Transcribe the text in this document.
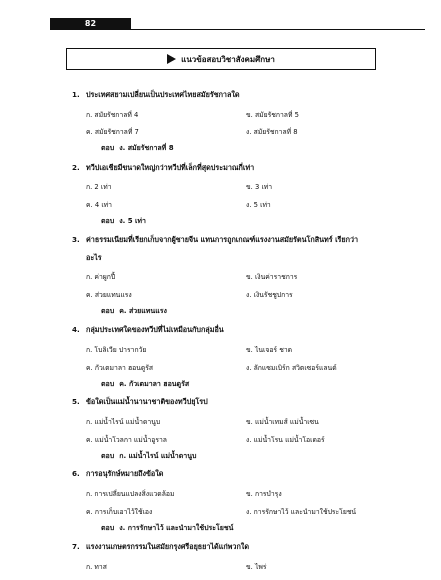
82
แนวข้อสอบวิชาสังคมศึกษา
1. ประเทศสยามเปลี่ยนเป็นประเทศไทยสมัยรัชกาลใด
ก. สมัยรัชกาลที่ 4	ข. สมัยรัชกาลที่ 5
ค. สมัยรัชกาลที่ 7	ง. สมัยรัชกาลที่ 8
ตอบ ง. สมัยรัชกาลที่ 8
2. ทวีปเอเชียมีขนาดใหญ่กว่าทวีปที่เล็กที่สุดประมาณกี่เท่า
ก. 2 เท่า	ข. 3 เท่า
ค. 4 เท่า	ง. 5 เท่า
ตอบ ง. 5 เท่า
3. ค่าธรรมเนียมที่เรียกเก็บจากผู้ชายจีน แทนการถูกเกณฑ์แรงงานสมัยรัตนโกสินทร์ เรียกว่า
อะไร
ก. ค่าผูกปี้	ข. เงินค่าราชการ
ค. ส่วยแทนแรง	ง. เงินรัชชูปการ
ตอบ ค. ส่วยแทนแรง
4. กลุ่มประเทศใดของทวีปที่ไม่เหมือนกับกลุ่มอื่น
ก. โบลิเวีย ปารากวัย	ข. ไนเจอร์ ชาด
ค. กัวเตมาลา ฮอนดูรัส	ง. ลักแซมเบิร์ก สวิตเซอร์แลนด์
ตอบ ค. กัวเตมาลา ฮอนดูรัส
5. ข้อใดเป็นแม่น้ำนานาชาติของทวีปยุโรป
ก. แม่น้ำไรน์ แม่น้ำดานูบ	ข. แม่น้ำเทมส์ แม่น้ำเซน
ค. แม่น้ำโวลกา แม่น้ำอูราล	ง. แม่น้ำโรน แม่น้ำโอเดอร์
ตอบ ก. แม่น้ำไรน์ แม่น้ำดานูบ
6. การอนุรักษ์หมายถึงข้อใด
ก. การเปลี่ยนแปลงสิ่งแวดล้อม	ข. การบำรุง
ค. การเก็บเอาไว้ใช้เอง	ง. การรักษาไว้ และนำมาใช้ประโยชน์
ตอบ ง. การรักษาไว้ และนำมาใช้ประโยชน์
7. แรงงานเกษตรกรรมในสมัยกรุงศรีอยุธยาได้แก่พวกใด
ก. ทาส	ข. ไพร่
